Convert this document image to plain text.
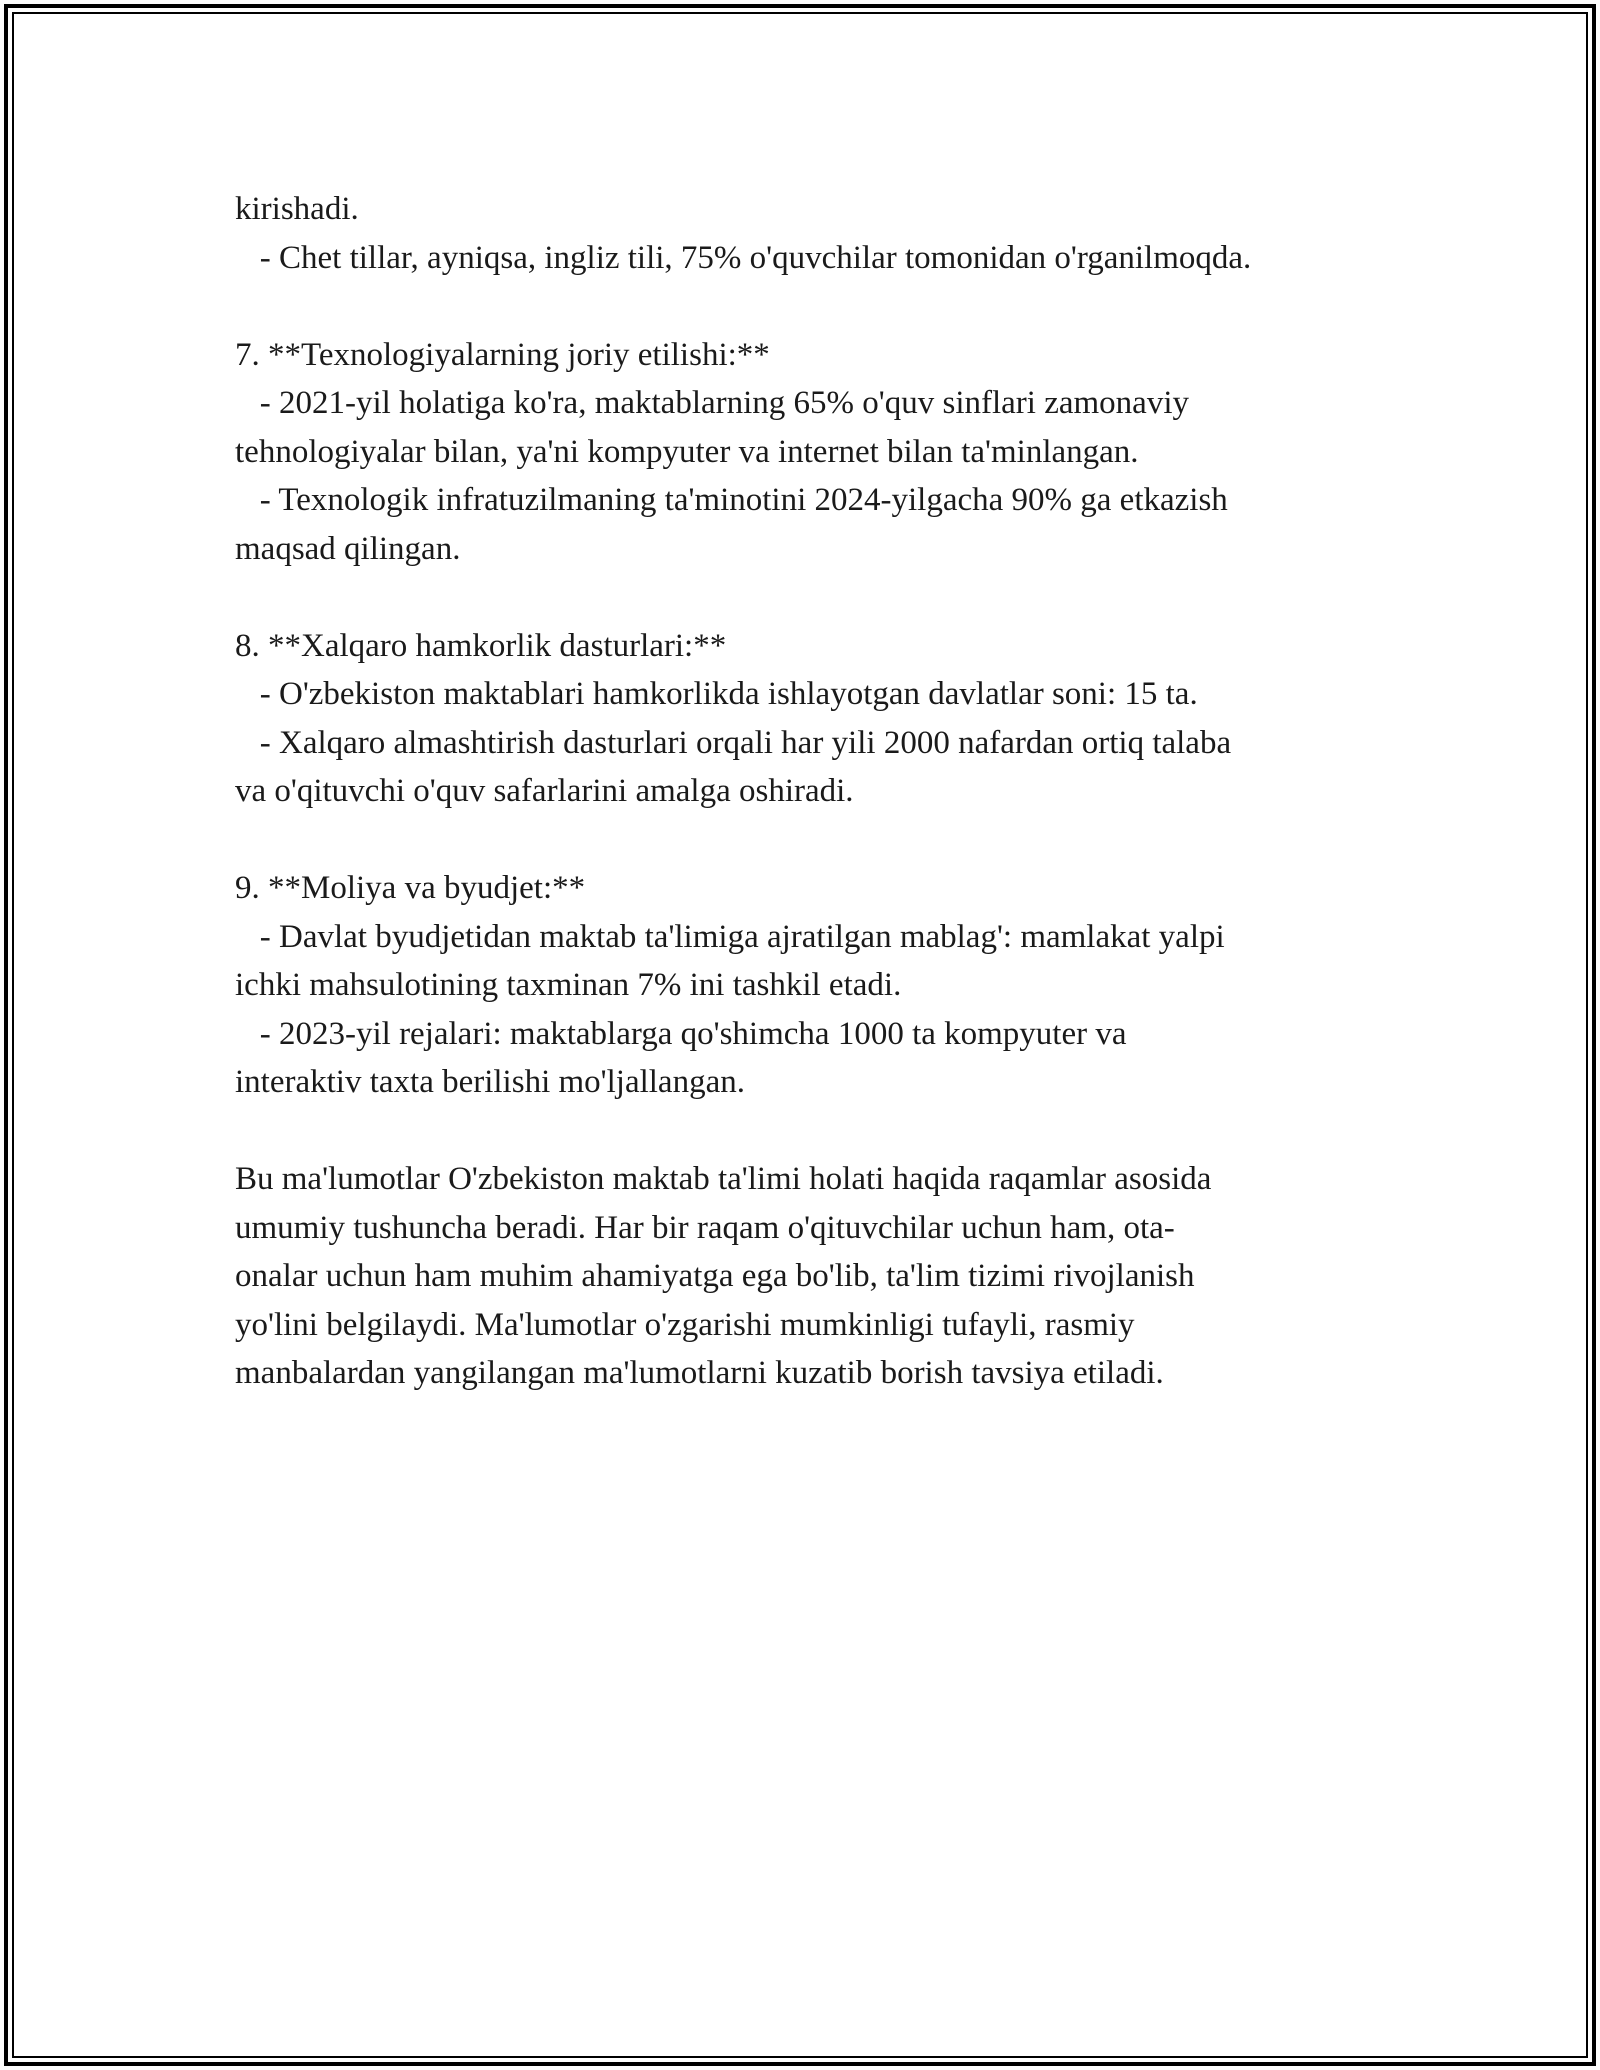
kirishadi.
- Chet tillar, ayniqsa, ingliz tili, 75% o'quvchilar tomonidan o'rganilmoqda.
7. **Texnologiyalarning joriy etilishi:**
- 2021-yil holatiga ko'ra, maktablarning 65% o'quv sinflari zamonaviy
tehnologiyalar bilan, ya'ni kompyuter va internet bilan ta'minlangan.
- Texnologik infratuzilmaning ta'minotini 2024-yilgacha 90% ga etkazish
maqsad qilingan.
8. **Xalqaro hamkorlik dasturlari:**
- O'zbekiston maktablari hamkorlikda ishlayotgan davlatlar soni: 15 ta.
- Xalqaro almashtirish dasturlari orqali har yili 2000 nafardan ortiq talaba
va o'qituvchi o'quv safarlarini amalga oshiradi.
9. **Moliya va byudjet:**
- Davlat byudjetidan maktab ta'limiga ajratilgan mablag': mamlakat yalpi
ichki mahsulotining taxminan 7% ini tashkil etadi.
- 2023-yil rejalari: maktablarga qo'shimcha 1000 ta kompyuter va
interaktiv taxta berilishi mo'ljallangan.
Bu ma'lumotlar O'zbekiston maktab ta'limi holati haqida raqamlar asosida
umumiy tushuncha beradi. Har bir raqam o'qituvchilar uchun ham, ota-
onalar uchun ham muhim ahamiyatga ega bo'lib, ta'lim tizimi rivojlanish
yo'lini belgilaydi. Ma'lumotlar o'zgarishi mumkinligi tufayli, rasmiy
manbalardan yangilangan ma'lumotlarni kuzatib borish tavsiya etiladi.
